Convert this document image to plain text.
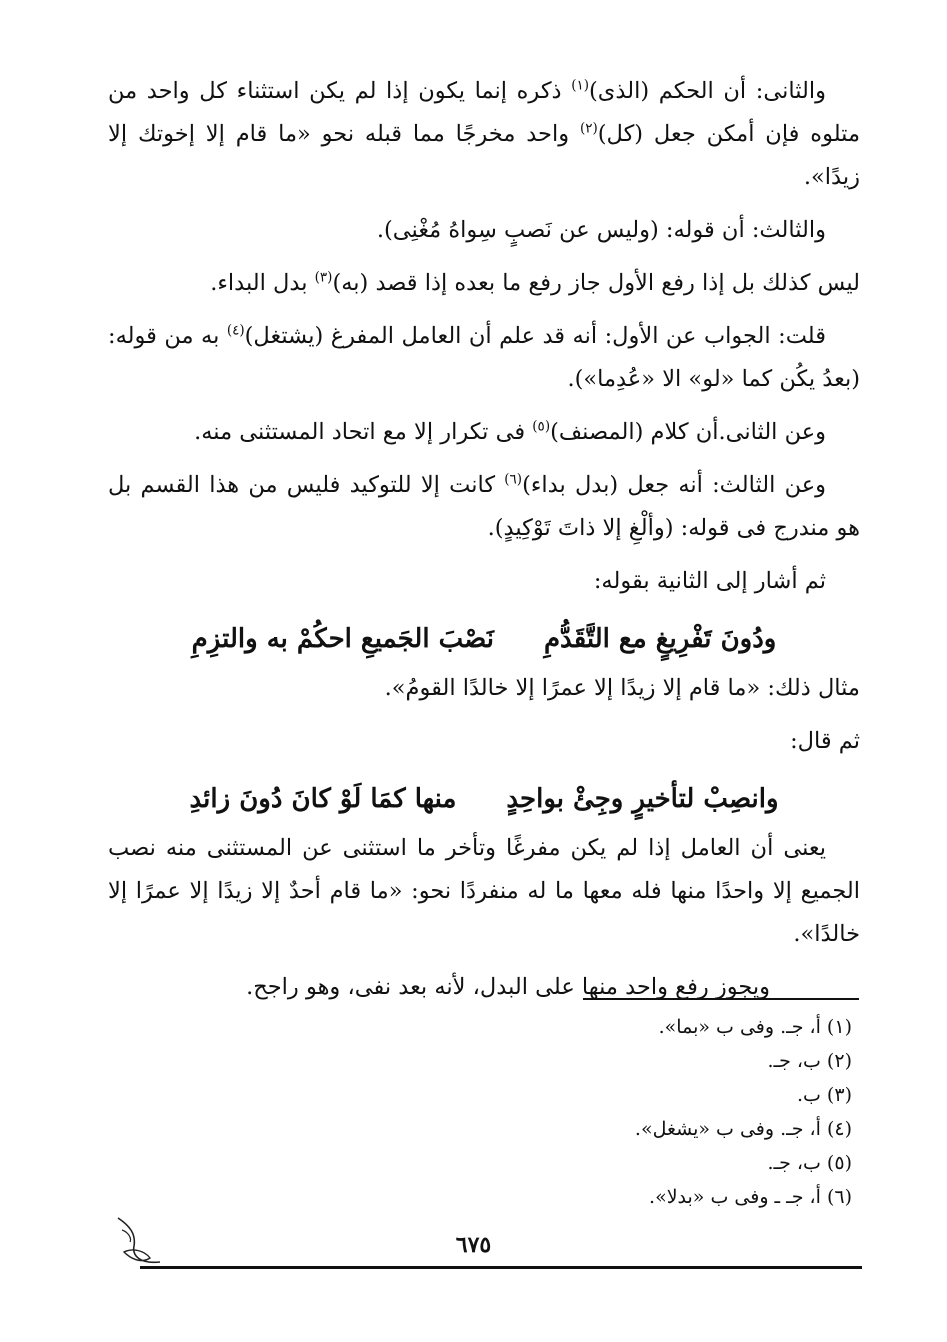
والثانى: أن الحكم (الذى)$^{(١)}$ ذكره إنما يكون إذا لم يكن استثناء كل واحد من متلوه فإن أمكن جعل (كل)$^{(٢)}$ واحد مخرجًا مما قبله نحو «ما قام إلا إخوتك إلا زيدًا».

والثالث: أن قوله: (وليس عن نَصبٍ سِواهُ مُغْنِى).

ليس كذلك بل إذا رفع الأول جاز رفع ما بعده إذا قصد (به)$^{(٣)}$ بدل البداء.

قلت: الجواب عن الأول: أنه قد علم أن العامل المفرغ (يشتغل)$^{(٤)}$ به من قوله: (بعدُ يكُن كما «لو» الا «عُدِما»).

وعن الثانى.أن كلام (المصنف)$^{(٥)}$ فى تكرار إلا مع اتحاد المستثنى منه.

وعن الثالث: أنه جعل (بدل بداء)$^{(٦)}$ كانت إلا للتوكيد فليس من هذا القسم بل هو مندرج فى قوله: (وألْغِ إلا ذاتَ تَوْكِيدٍ).

ثم أشار إلى الثانية بقوله:

ودُونَ تَفْرِيغٍ مع التَّقَدُّمِ
نَصْبَ الجَميعِ احكُمْ به والتزِمِ

مثال ذلك: «ما قام إلا زيدًا إلا عمرًا إلا خالدًا القومُ».

ثم قال:

وانصِبْ لتأخيرٍ وجِئْ بواحِدٍ
منها كمَا لَوْ كانَ دُونَ زائدِ

يعنى أن العامل إذا لم يكن مفرغًا وتأخر ما استثنى عن المستثنى منه نصب الجميع إلا واحدًا منها فله معها ما له منفردًا نحو: «ما قام أحدٌ إلا زيدًا إلا عمرًا إلا خالدًا».

ويجوز رفع واحد منها على البدل، لأنه بعد نفى، وهو راجح.

(١) أ، جـ. وفى ب «بما».
(٢) ب، جـ.
(٣) ب.
(٤) أ، جـ. وفى ب «يشغل».
(٥) ب، جـ.
(٦) أ، جـ ـ وفى ب «بدلا».
٦٧٥
